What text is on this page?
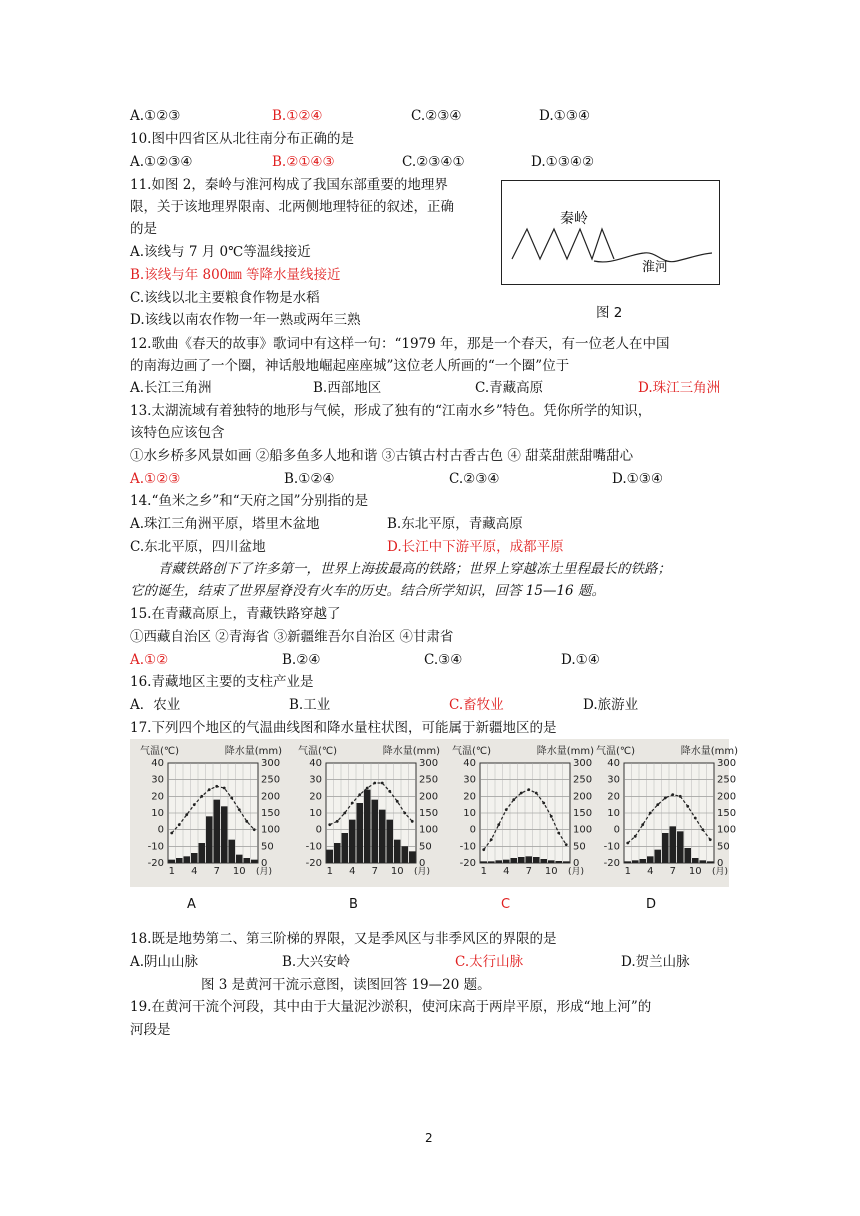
A.①②③	B.①②④	C.②③④	D.①③④
10.图中四省区从北往南分布正确的是
A.①②③④	B.②①④③	C.②③④①	D.①③④②
11.如图 2，秦岭与淮河构成了我国东部重要的地理界
限，关于该地理界限南、北两侧地理特征的叙述，正确
的是
A.该线与 7 月 0℃等温线接近
B.该线与年 800㎜ 等降水量线接近
C.该线以北主要粮食作物是水稻
D.该线以南农作物一年一熟或两年三熟
秦岭
淮河
图 2
12.歌曲《春天的故事》歌词中有这样一句：“1979 年，那是一个春天，有一位老人在中国
的南海边画了一个圈，神话般地崛起座座城”这位老人所画的“一个圈”位于
A.长江三角洲	B.西部地区	C.青藏高原	D.珠江三角洲
13.太湖流域有着独特的地形与气候，形成了独有的“江南水乡”特色。凭你所学的知识，
该特色应该包含
①水乡桥多风景如画 ②船多鱼多人地和谐 ③古镇古村古香古色 ④ 甜菜甜蔗甜嘴甜心
A.①②③	B.①②④	C.②③④	D.①③④
14.“鱼米之乡”和“天府之国”分别指的是
A.珠江三角洲平原，塔里木盆地	B.东北平原，青藏高原
C.东北平原，四川盆地	D.长江中下游平原，成都平原
青藏铁路创下了许多第一，世界上海拔最高的铁路；世界上穿越冻土里程最长的铁路；
它的诞生，结束了世界屋脊没有火车的历史。结合所学知识，回答 15—16 题。
15.在青藏高原上，青藏铁路穿越了
①西藏自治区 ②青海省 ③新疆维吾尔自治区 ④甘肃省
A.①②	B.②④	C.③④	D.①④
16.青藏地区主要的支柱产业是
A．农业	B.工业	C.畜牧业	D.旅游业
17.下列四个地区的气温曲线图和降水量柱状图，可能属于新疆地区的是
气温(℃)	降水量(mm)
40
30
20
10
0
-10
-20
300
250
200
150
100
50
0
1 4 7 10 (月)
气温(℃)	降水量(mm)
40
30
20
10
0
-10
-20
300
250
200
150
100
50
0
1 4 7 10 (月)
气温(℃)	降水量(mm)
40
30
20
10
0
-10
-20
300
250
200
150
100
50
0
1 4 7 10 (月)
气温(℃)	降水量(mm)
40
30
20
10
0
-10
-20
300
250
200
150
100
50
0
1 4 7 10 (月)
A	B	C	D
18.既是地势第二、第三阶梯的界限，又是季风区与非季风区的界限的是
A.阴山山脉	B.大兴安岭	C.太行山脉	D.贺兰山脉
图 3 是黄河干流示意图，读图回答 19—20 题。
19.在黄河干流个河段，其中由于大量泥沙淤积，使河床高于两岸平原，形成“地上河”的
河段是
2
